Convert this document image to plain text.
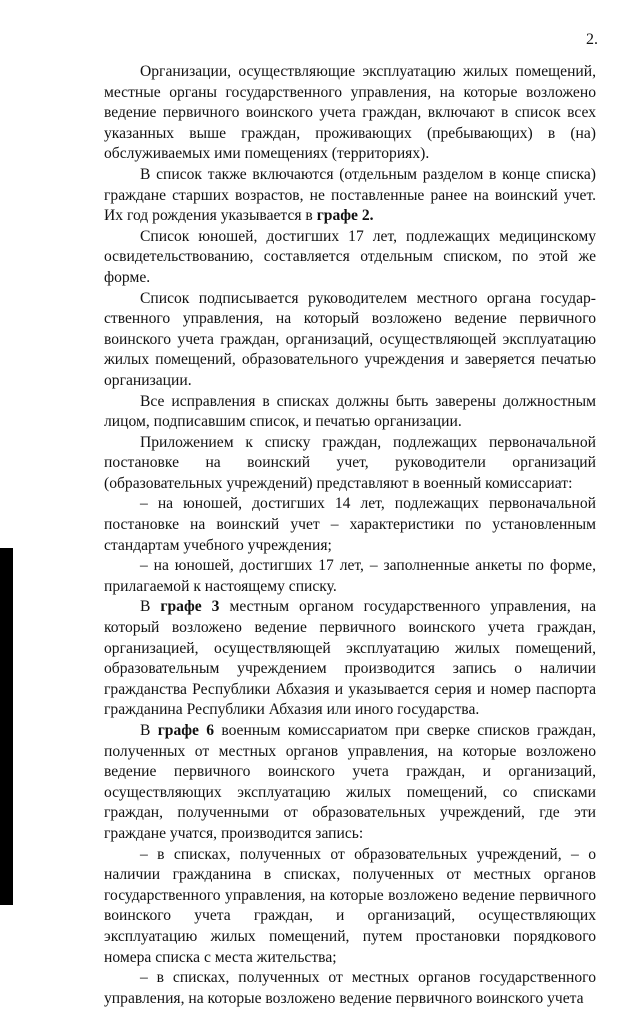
2.

Организации, осуществляющие эксплуатацию жилых помещений, местные органы государственного управления, на которые возложено ведение первичного воинского учета граждан, включают в список всех указанных выше граждан, проживающих (пребывающих) в (на) обслуживаемых ими помещениях (территориях).

В список также включаются (отдельным разделом в конце списка) граждане старших возрастов, не поставленные ранее на воинский учет. Их год рождения указывается в графе 2.

Список юношей, достигших 17 лет, подлежащих медицинскому освидетельствованию, составляется отдельным списком, по этой же форме.

Список подписывается руководителем местного органа государ-ственного управления, на который возложено ведение первичного воинского учета граждан, организаций, осуществляющей эксплуатацию жилых помещений, образовательного учреждения и заверяется печатью организации.

Все исправления в списках должны быть заверены должностным лицом, подписавшим список, и печатью организации.

Приложением к списку граждан, подлежащих первоначальной постановке на воинский учет, руководители организаций (образовательных учреждений) представляют в военный комиссариат:

– на юношей, достигших 14 лет, подлежащих первоначальной постановке на воинский учет – характеристики по установленным стандартам учебного учреждения;

– на юношей, достигших 17 лет, – заполненные анкеты по форме, прилагаемой к настоящему списку.

В графе 3 местным органом государственного управления, на который возложено ведение первичного воинского учета граждан, организацией, осуществляющей эксплуатацию жилых помещений, образовательным учреждением производится запись о наличии гражданства Республики Абхазия и указывается серия и номер паспорта гражданина Республики Абхазия или иного государства.

В графе 6 военным комиссариатом при сверке списков граждан, полученных от местных органов управления, на которые возложено ведение первичного воинского учета граждан, и организаций, осуществляющих эксплуатацию жилых помещений, со списками граждан, полученными от образовательных учреждений, где эти граждане учатся, производится запись:

– в списках, полученных от образовательных учреждений, – о наличии гражданина в списках, полученных от местных органов государственного управления, на которые возложено ведение первичного воинского учета граждан, и организаций, осуществляющих эксплуатацию жилых помещений, путем простановки порядкового номера списка с места жительства;

– в списках, полученных от местных органов государственного управления, на которые возложено ведение первичного воинского учета
